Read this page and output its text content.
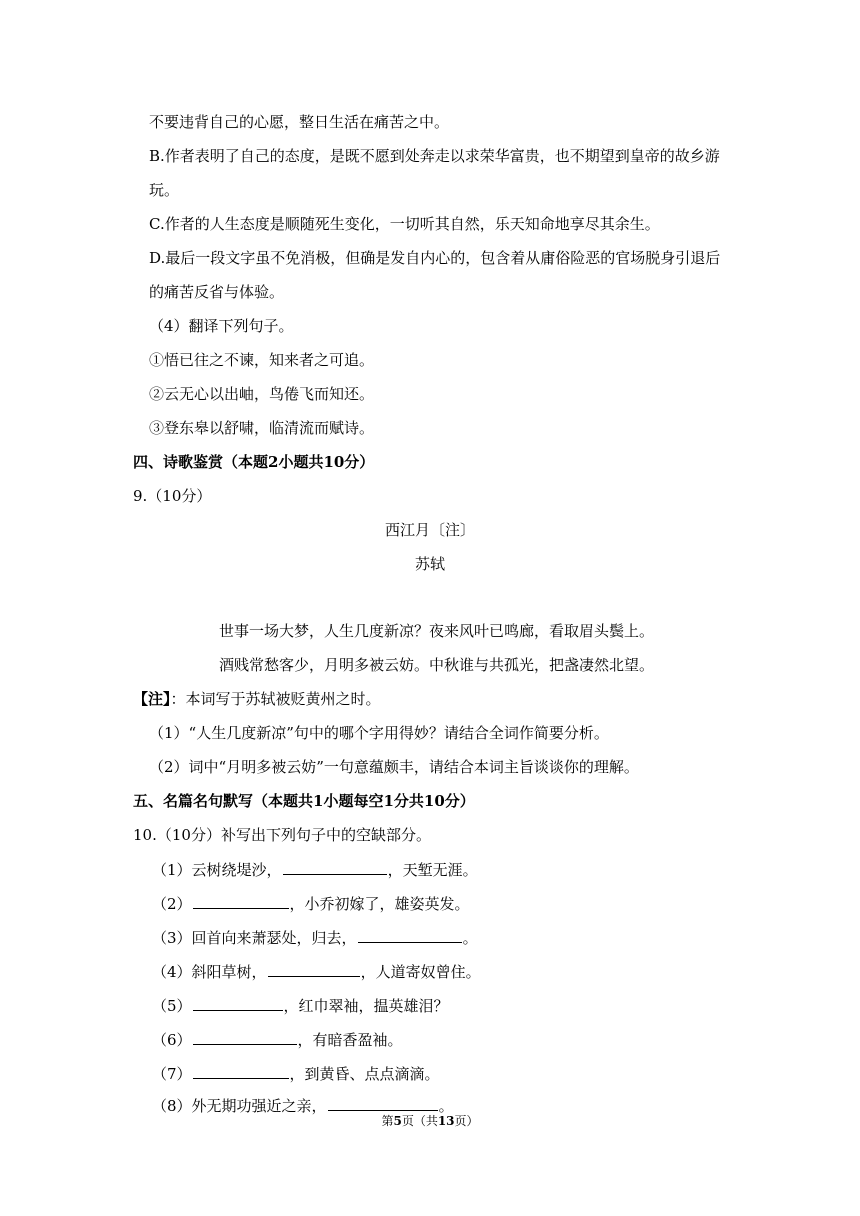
不要违背自己的心愿，整日生活在痛苦之中。
B.作者表明了自己的态度，是既不愿到处奔走以求荣华富贵，也不期望到皇帝的故乡游
玩。
C.作者的人生态度是顺随死生变化，一切听其自然，乐天知命地享尽其余生。
D.最后一段文字虽不免消极，但确是发自内心的，包含着从庸俗险恶的官场脱身引退后
的痛苦反省与体验。
（4）翻译下列句子。
①悟已往之不谏，知来者之可追。
②云无心以出岫，鸟倦飞而知还。
③登东皋以舒啸，临清流而赋诗。
四、诗歌鉴赏（本题2小题共10分）
9.（10分）
西江月〔注〕
苏轼
世事一场大梦，人生几度新凉？夜来风叶已鸣廊，看取眉头鬓上。
酒贱常愁客少，月明多被云妨。中秋谁与共孤光，把盏凄然北望。
【注】：本词写于苏轼被贬黄州之时。
（1）“人生几度新凉”句中的哪个字用得妙？请结合全词作简要分析。
（2）词中“月明多被云妨”一句意蕴颇丰，请结合本词主旨谈谈你的理解。
五、名篇名句默写（本题共1小题每空1分共10分）
10.（10分）补写出下列句子中的空缺部分。
（1）云树绕堤沙，	，天堑无涯。
（2）	，小乔初嫁了，雄姿英发。
（3）回首向来萧瑟处，归去，	。
（4）斜阳草树，	，人道寄奴曾住。
（5）	，红巾翠袖，揾英雄泪？
（6）	，有暗香盈袖。
（7）	，到黄昏、点点滴滴。
（8）外无期功强近之亲，	。
第5页（共13页）
